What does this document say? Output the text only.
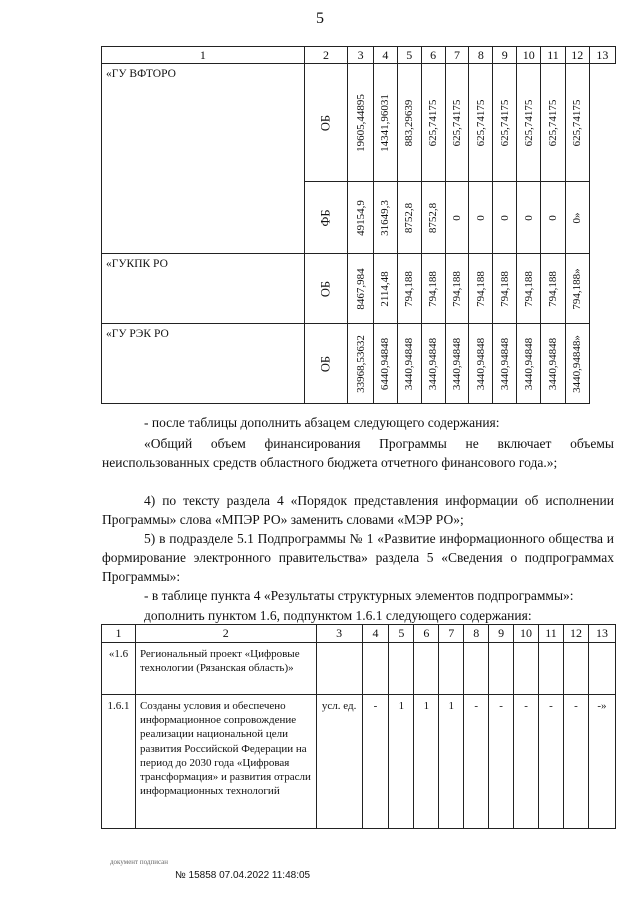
5
1	2	3	4	5	6	7	8	9	10	11	12	13
«ГУ ВФТОРО	ОБ	19605,44895	14341,96031	883,29639	625,74175	625,74175	625,74175	625,74175	625,74175	625,74175	625,74175	

	ФБ	49154,9	31649,3	8752,8	8752,8	0	0	0	0	0	0»	

«ГУКПК РО	ОБ	8467,984	2114,48	794,188	794,188	794,188	794,188	794,188	794,188	794,188	794,188»	

«ГУ РЭК РО	ОБ	33968,53632	6440,94848	3440,94848	3440,94848	3440,94848	3440,94848	3440,94848	3440,94848	3440,94848	3440,94848»	
- после таблицы дополнить абзацем следующего содержания:
«Общий объем финансирования Программы не включает объемы неиспользованных средств областного бюджета отчетного финансового года.»;
4) по тексту раздела 4 «Порядок представления информации об исполнении Программы» слова «МПЭР РО» заменить словами «МЭР РО»;
5) в подразделе 5.1 Подпрограммы № 1 «Развитие информационного общества и формирование электронного правительства» раздела 5 «Сведения о подпрограммах Программы»:
- в таблице пункта 4 «Результаты структурных элементов подпрограммы»:
дополнить пунктом 1.6, подпунктом 1.6.1 следующего содержания:
1	2	3	4	5	6	7	8	9	10	11	12	13
«1.6	Региональный проект «Цифровые технологии (Рязанская область)»											
1.6.1	Созданы условия и обеспечено информационное сопровождение реализации национальной цели развития Российской Федерации на период до 2030 года «Цифровая трансформация» и развития отрасли информационных технологий	усл. ед.	-	1	1	1	-	-	-	-	-	-»
документ подписан
№ 15858 07.04.2022 11:48:05
